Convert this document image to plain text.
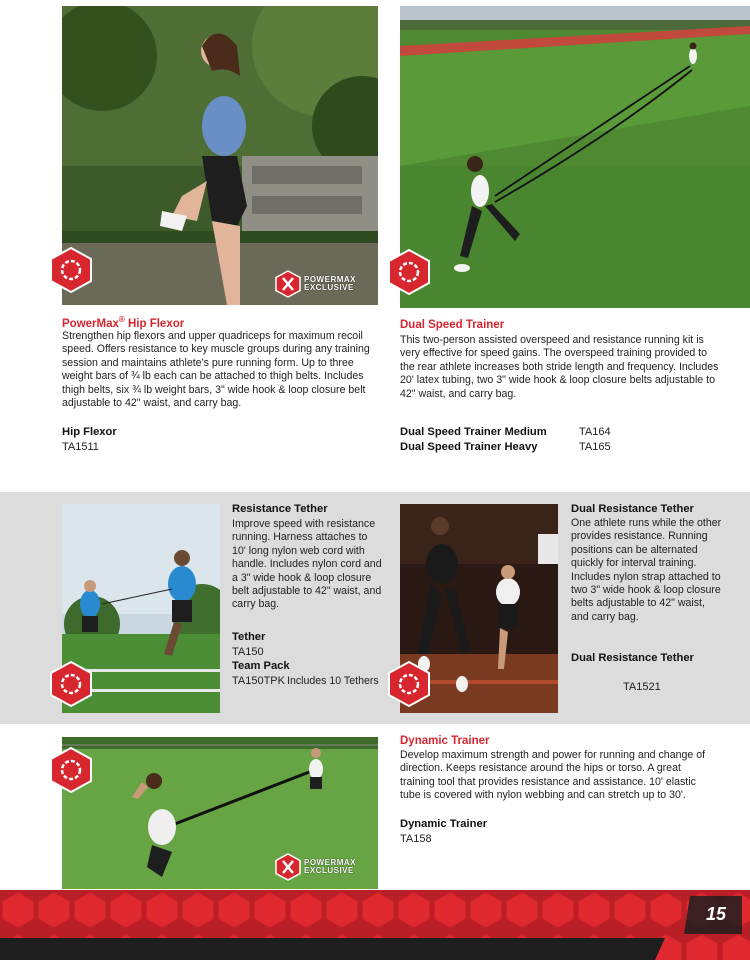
POWERMAX
EXCLUSIVE
PowerMax® Hip Flexor
Strengthen hip flexors and upper quadriceps for maximum recoil speed. Offers resistance to key muscle groups during any training session and maintains athlete's pure running form. Up to three weight bars of ¾ lb each can be attached to thigh belts. Includes thigh belts, six ¾ lb weight bars, 3" wide hook & loop closure belt adjustable to 42" waist, and carry bag.
Hip Flexor
TA1511
Dual Speed Trainer
This two-person assisted overspeed and resistance running kit is very effective for speed gains. The overspeed training provided to the rear athlete increases both stride length and frequency. Includes 20' latex tubing, two 3" wide hook & loop closure belts adjustable to 42" waist, and carry bag.
Dual Speed Trainer Medium	TA164
Dual Speed Trainer Heavy	TA165
Resistance Tether
Improve speed with resistance running. Harness attaches to 10' long nylon web cord with handle. Includes nylon cord and a 3" wide hook & loop closure belt adjustable to 42" waist, and carry bag.
Tether
TA150
Team Pack
TA150TPK Includes 10 Tethers
Dual Resistance Tether
One athlete runs while the other provides resistance. Running positions can be alternated quickly for interval training. Includes nylon strap attached to two 3" wide hook & loop closure belts adjustable to 42" waist, and carry bag.
Dual Resistance Tether
TA1521
POWERMAX
EXCLUSIVE
Dynamic Trainer
Develop maximum strength and power for running and change of direction. Keeps resistance around the hips or torso. A great training tool that provides resistance and assistance. 10' elastic tube is covered with nylon webbing and can stretch up to 30'.
Dynamic Trainer
TA158
15
